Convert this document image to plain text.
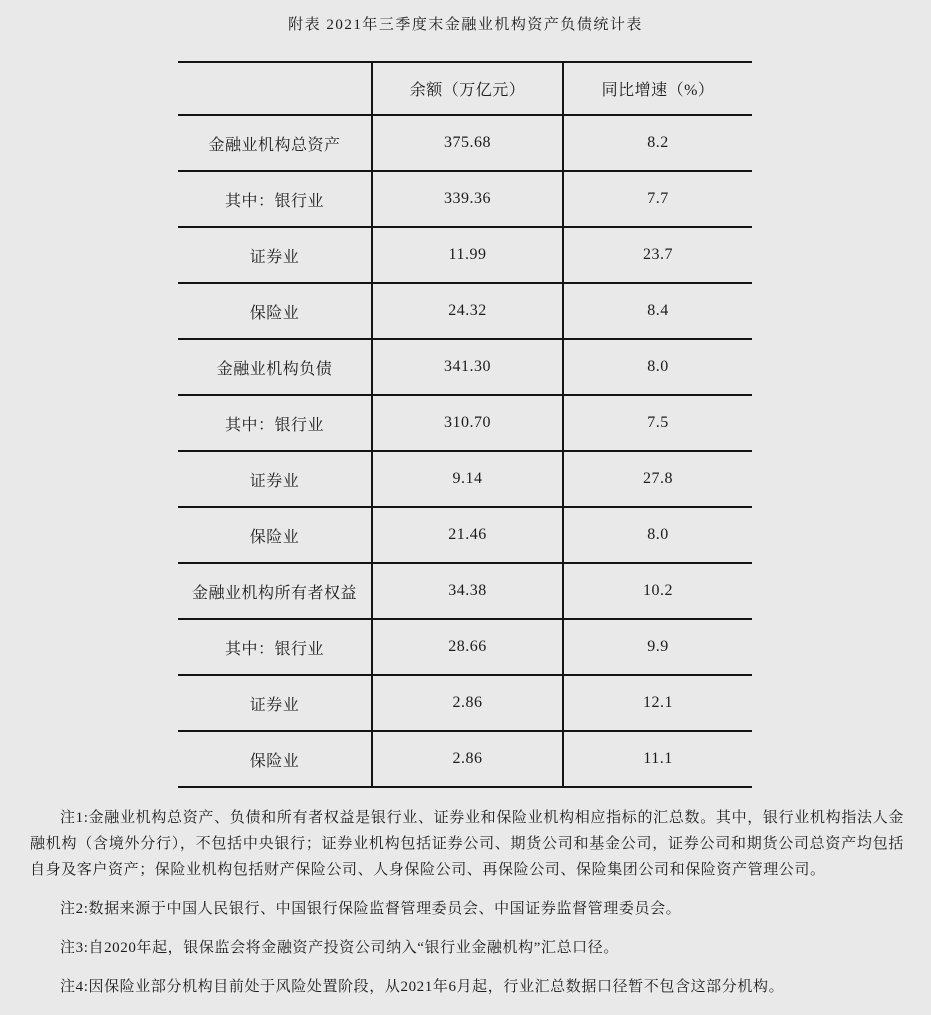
附表 2021年三季度末金融业机构资产负债统计表
	余额（万亿元）	同比增速（%）
金融业机构总资产	375.68	8.2
其中：银行业	339.36	7.7
证券业	11.99	23.7
保险业	24.32	8.4
金融业机构负债	341.30	8.0
其中：银行业	310.70	7.5
证券业	9.14	27.8
保险业	21.46	8.0
金融业机构所有者权益	34.38	10.2
其中：银行业	28.66	9.9
证券业	2.86	12.1
保险业	2.86	11.1

注1:金融业机构总资产、负债和所有者权益是银行业、证券业和保险业机构相应指标的汇总数。其中，银行业机构指法人金融机构（含境外分行），不包括中央银行；证券业机构包括证券公司、期货公司和基金公司，证券公司和期货公司总资产均包括自身及客户资产；保险业机构包括财产保险公司、人身保险公司、再保险公司、保险集团公司和保险资产管理公司。

注2:数据来源于中国人民银行、中国银行保险监督管理委员会、中国证券监督管理委员会。

注3:自2020年起，银保监会将金融资产投资公司纳入“银行业金融机构”汇总口径。

注4:因保险业部分机构目前处于风险处置阶段，从2021年6月起，行业汇总数据口径暂不包含这部分机构。
